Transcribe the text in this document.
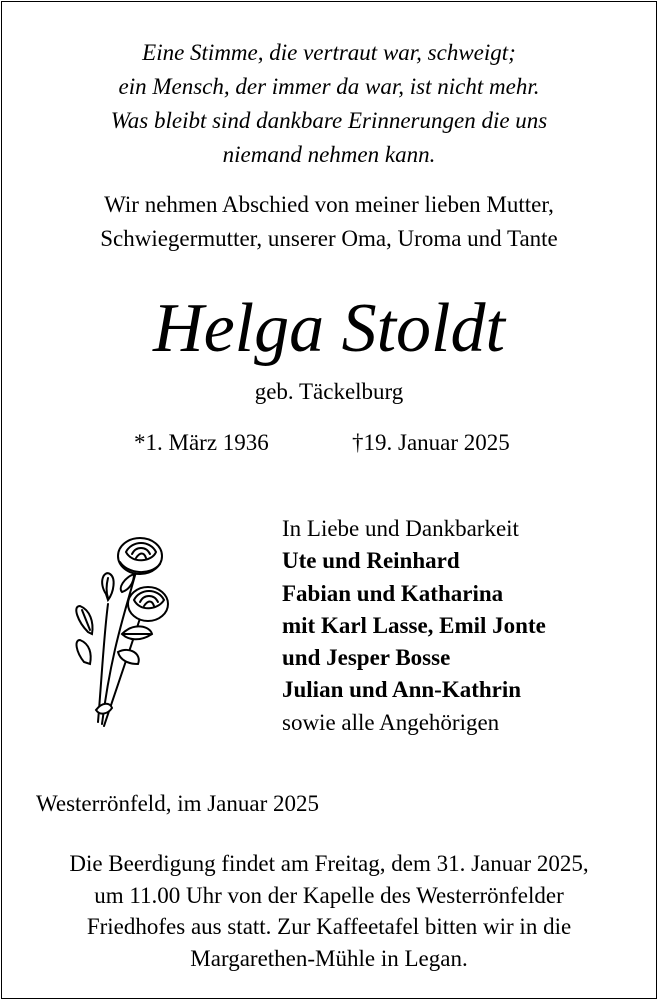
Eine Stimme, die vertraut war, schweigt;
ein Mensch, der immer da war, ist nicht mehr.
Was bleibt sind dankbare Erinnerungen die uns
niemand nehmen kann.
Wir nehmen Abschied von meiner lieben Mutter,
Schwiegermutter, unserer Oma, Uroma und Tante
Helga Stoldt
geb. Täckelburg
*1. März 1936	†19. Januar 2025
In Liebe und Dankbarkeit
Ute und Reinhard
Fabian und Katharina
mit Karl Lasse, Emil Jonte
und Jesper Bosse
Julian und Ann-Kathrin
sowie alle Angehörigen
Westerrönfeld, im Januar 2025
Die Beerdigung findet am Freitag, dem 31. Januar 2025,
um 11.00 Uhr von der Kapelle des Westerrönfelder
Friedhofes aus statt. Zur Kaffeetafel bitten wir in die
Margarethen-Mühle in Legan.
